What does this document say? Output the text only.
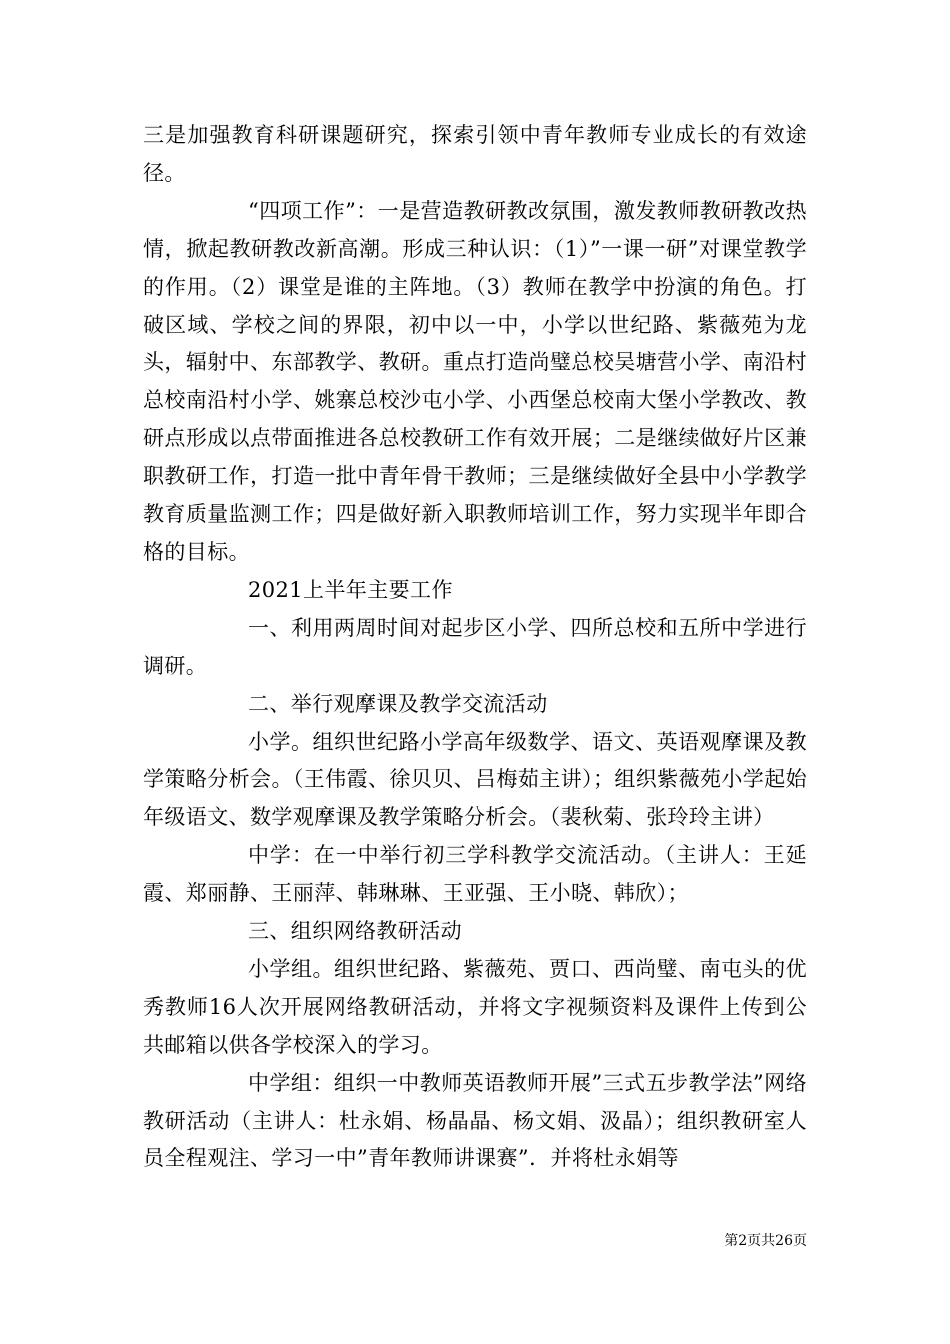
三是加强教育科研课题研究，探索引领中青年教师专业成长的有效途径。

“四项工作”：一是营造教研教改氛围，激发教师教研教改热情，掀起教研教改新高潮。形成三种认识：（1）”一课一研”对课堂教学的作用。（2）课堂是谁的主阵地。（3）教师在教学中扮演的角色。打破区域、学校之间的界限，初中以一中，小学以世纪路、紫薇苑为龙头，辐射中、东部教学、教研。重点打造尚璧总校吴塘营小学、南沿村总校南沿村小学、姚寨总校沙屯小学、小西堡总校南大堡小学教改、教研点形成以点带面推进各总校教研工作有效开展；二是继续做好片区兼职教研工作，打造一批中青年骨干教师；三是继续做好全县中小学教学教育质量监测工作；四是做好新入职教师培训工作，努力实现半年即合格的目标。

2021上半年主要工作

一、利用两周时间对起步区小学、四所总校和五所中学进行调研。

二、举行观摩课及教学交流活动

小学。组织世纪路小学高年级数学、语文、英语观摩课及教学策略分析会。（王伟霞、徐贝贝、吕梅茹主讲）；组织紫薇苑小学起始年级语文、数学观摩课及教学策略分析会。（裴秋菊、张玲玲主讲）

中学：在一中举行初三学科教学交流活动。（主讲人：王延霞、郑丽静、王丽萍、韩琳琳、王亚强、王小晓、韩欣）；

三、组织网络教研活动

小学组。组织世纪路、紫薇苑、贾口、西尚璧、南屯头的优秀教师16人次开展网络教研活动，并将文字视频资料及课件上传到公共邮箱以供各学校深入的学习。

中学组：组织一中教师英语教师开展”三式五步教学法”网络教研活动（主讲人：杜永娟、杨晶晶、杨文娟、汲晶）；组织教研室人员全程观注、学习一中”青年教师讲课赛”．并将杜永娟等

第2页共26页
